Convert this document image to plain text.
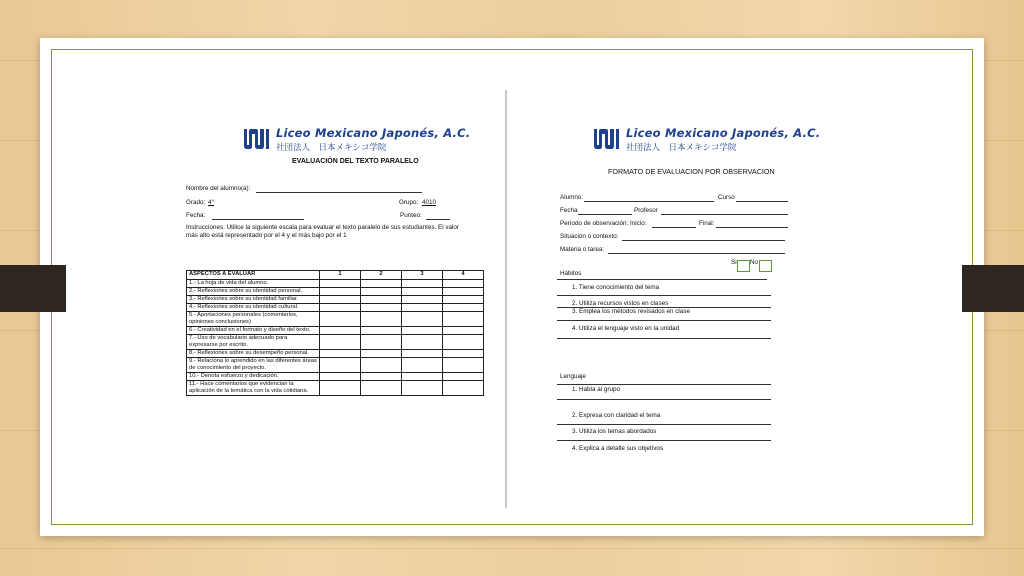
Liceo Mexicano Japonés, A.C.
社団法人　日本メキシコ学院
EVALUACIÓN DEL TEXTO PARALELO
Nombre del alumno(a):
Grado: 4°	Grupo: 4010
Fecha:	Punteo:
Instrucciones: Utilice la siguiente escala para evaluar el texto paralelo de sus estudiantes. El valor
más alto está representado por el 4 y el más bajo por el 1
ASPECTOS A EVALUAR	1	2	3	4
1.- La hoja de vida del alumno.				
2.- Reflexiones sobre su identidad personal.				
3.- Reflexiones sobre su identidad familiar.				
4.- Reflexiones sobre su identidad cultural.				
5.- Aportaciones personales (comentarios, opiniones conclusiones)				
6.- Creatividad en el formato y diseño del texto.				
7.- Uso de vocabulario adecuado para expresarse por escrito.				
8.- Reflexiones sobre su desempeño personal.				
9.- Relaciona lo aprendido en las diferentes áreas de conocimiento del proyecto.				
10.- Denota esfuerzo y dedicación.				
11.- Hace comentarios que evidencian la aplicación de la temática con la vida cotidiana.				
Liceo Mexicano Japonés, A.C.
社団法人　日本メキシコ学院
FORMATO DE EVALUACION POR OBSERVACION
Alumno:	Curso
Fecha	Profesor
Período de observación: Inicio:	Final:
Situación o contexto:
Materia o tarea:
Si No
Hábitos
1. Tiene conocimiento del tema
2. Utiliza recursos vistos en clases
3. Emplea los métodos revisados en clase
4. Utiliza el lenguaje visto en la unidad
Lenguaje
1. Habla al grupo
2. Expresa con claridad el tema
3. Utiliza los temas abordados
4. Explica a detalle sus objetivos
